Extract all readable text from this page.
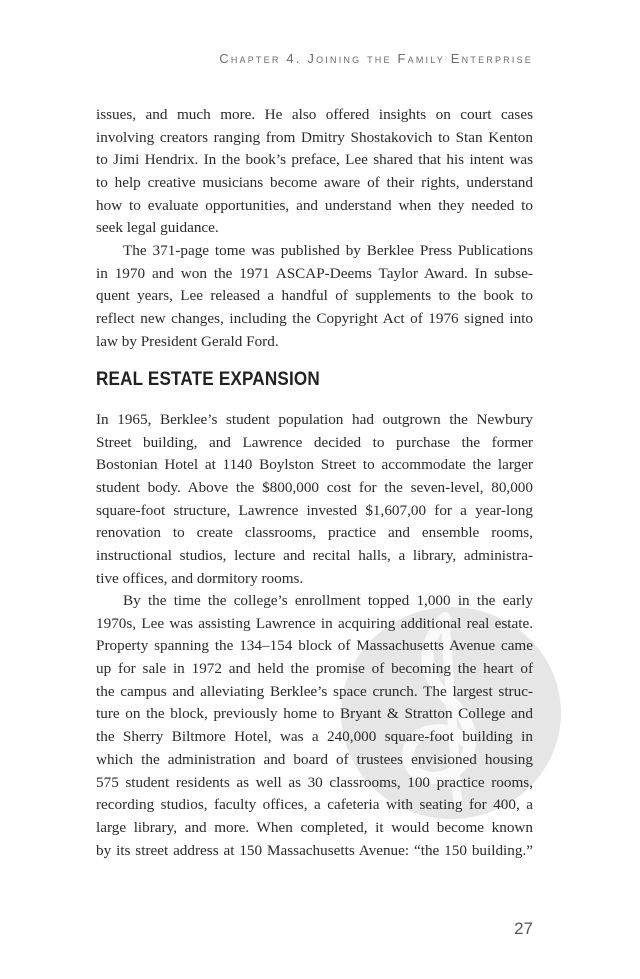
Chapter 4. Joining the Family Enterprise
issues, and much more. He also offered insights on court cases
involving creators ranging from Dmitry Shostakovich to Stan Kenton
to Jimi Hendrix. In the book’s preface, Lee shared that his intent was
to help creative musicians become aware of their rights, understand
how to evaluate opportunities, and understand when they needed to
seek legal guidance.
The 371-page tome was published by Berklee Press Publications
in 1970 and won the 1971 ASCAP-Deems Taylor Award. In subse-
quent years, Lee released a handful of supplements to the book to
reflect new changes, including the Copyright Act of 1976 signed into
law by President Gerald Ford.
REAL ESTATE EXPANSION
In 1965, Berklee’s student population had outgrown the Newbury
Street building, and Lawrence decided to purchase the former
Bostonian Hotel at 1140 Boylston Street to accommodate the larger
student body. Above the $800,000 cost for the seven-level, 80,000
square-foot structure, Lawrence invested $1,607,00 for a year-long
renovation to create classrooms, practice and ensemble rooms,
instructional studios, lecture and recital halls, a library, administra-
tive offices, and dormitory rooms.
By the time the college’s enrollment topped 1,000 in the early
1970s, Lee was assisting Lawrence in acquiring additional real estate.
Property spanning the 134–154 block of Massachusetts Avenue came
up for sale in 1972 and held the promise of becoming the heart of
the campus and alleviating Berklee’s space crunch. The largest struc-
ture on the block, previously home to Bryant & Stratton College and
the Sherry Biltmore Hotel, was a 240,000 square-foot building in
which the administration and board of trustees envisioned housing
575 student residents as well as 30 classrooms, 100 practice rooms,
recording studios, faculty offices, a cafeteria with seating for 400, a
large library, and more. When completed, it would become known
by its street address at 150 Massachusetts Avenue: “the 150 building.”
27
